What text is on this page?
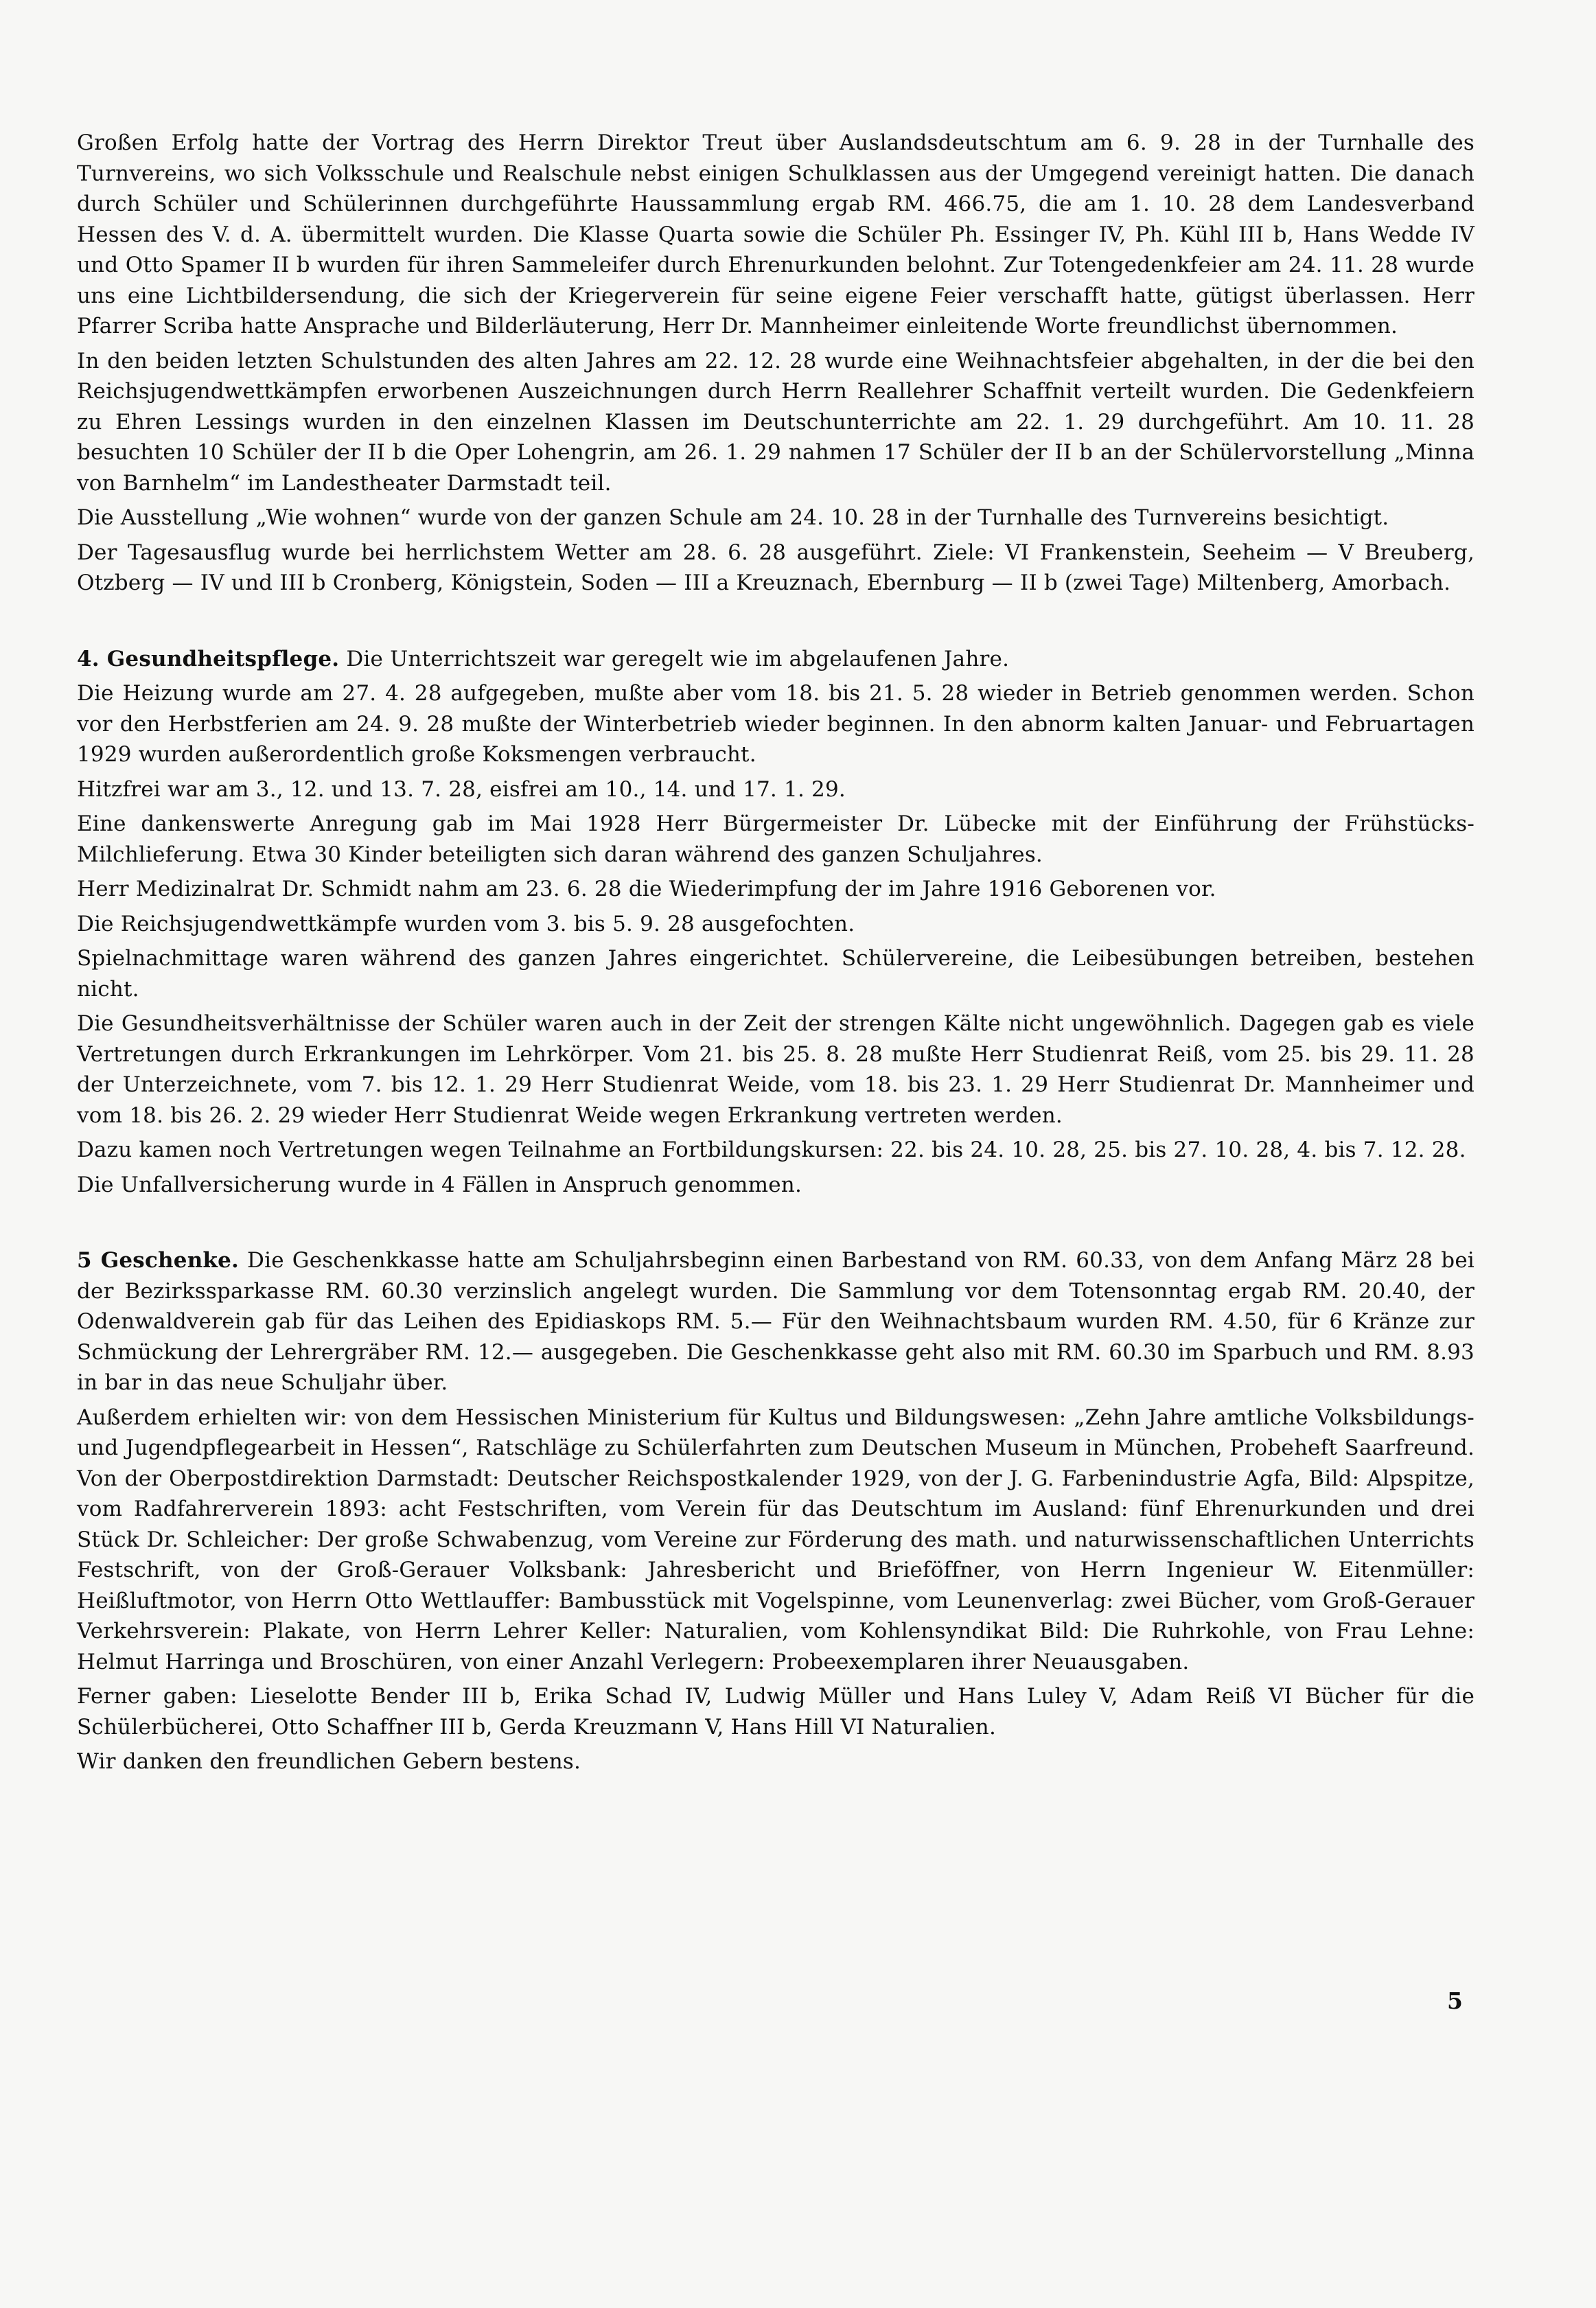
Großen Erfolg hatte der Vortrag des Herrn Direktor Treut über Auslandsdeutschtum am 6. 9. 28 in der Turnhalle des Turnvereins, wo sich Volksschule und Realschule nebst einigen Schulklassen aus der Umgegend vereinigt hatten. Die danach durch Schüler und Schülerinnen durchgeführte Haussammlung ergab RM. 466.75, die am 1. 10. 28 dem Landesverband Hessen des V. d. A. übermittelt wurden. Die Klasse Quarta sowie die Schüler Ph. Essinger IV, Ph. Kühl III b, Hans Wedde IV und Otto Spamer II b wurden für ihren Sammeleifer durch Ehrenurkunden belohnt. Zur Totengedenkfeier am 24. 11. 28 wurde uns eine Lichtbildersendung, die sich der Kriegerverein für seine eigene Feier verschafft hatte, gütigst überlassen. Herr Pfarrer Scriba hatte Ansprache und Bilderläuterung, Herr Dr. Mannheimer einleitende Worte freundlichst übernommen.

In den beiden letzten Schulstunden des alten Jahres am 22. 12. 28 wurde eine Weihnachtsfeier abgehalten, in der die bei den Reichsjugendwettkämpfen erworbenen Auszeichnungen durch Herrn Reallehrer Schaffnit verteilt wurden. Die Gedenkfeiern zu Ehren Lessings wurden in den einzelnen Klassen im Deutschunterrichte am 22. 1. 29 durchgeführt. Am 10. 11. 28 besuchten 10 Schüler der II b die Oper Lohengrin, am 26. 1. 29 nahmen 17 Schüler der II b an der Schülervorstellung „Minna von Barnhelm“ im Landestheater Darmstadt teil.

Die Ausstellung „Wie wohnen“ wurde von der ganzen Schule am 24. 10. 28 in der Turnhalle des Turnvereins besichtigt.

Der Tagesausflug wurde bei herrlichstem Wetter am 28. 6. 28 ausgeführt. Ziele: VI Frankenstein, Seeheim — V Breuberg, Otzberg — IV und III b Cronberg, Königstein, Soden — III a Kreuznach, Ebernburg — II b (zwei Tage) Miltenberg, Amorbach.

4. Gesundheitspflege. Die Unterrichtszeit war geregelt wie im abgelaufenen Jahre.

Die Heizung wurde am 27. 4. 28 aufgegeben, mußte aber vom 18. bis 21. 5. 28 wieder in Betrieb genommen werden. Schon vor den Herbstferien am 24. 9. 28 mußte der Winterbetrieb wieder beginnen. In den abnorm kalten Januar- und Februartagen 1929 wurden außerordentlich große Koksmengen verbraucht.

Hitzfrei war am 3., 12. und 13. 7. 28, eisfrei am 10., 14. und 17. 1. 29.

Eine dankenswerte Anregung gab im Mai 1928 Herr Bürgermeister Dr. Lübecke mit der Einführung der Frühstücks-Milchlieferung. Etwa 30 Kinder beteiligten sich daran während des ganzen Schuljahres.

Herr Medizinalrat Dr. Schmidt nahm am 23. 6. 28 die Wiederimpfung der im Jahre 1916 Geborenen vor.

Die Reichsjugendwettkämpfe wurden vom 3. bis 5. 9. 28 ausgefochten.

Spielnachmittage waren während des ganzen Jahres eingerichtet. Schülervereine, die Leibesübungen betreiben, bestehen nicht.

Die Gesundheitsverhältnisse der Schüler waren auch in der Zeit der strengen Kälte nicht ungewöhnlich. Dagegen gab es viele Vertretungen durch Erkrankungen im Lehrkörper. Vom 21. bis 25. 8. 28 mußte Herr Studienrat Reiß, vom 25. bis 29. 11. 28 der Unterzeichnete, vom 7. bis 12. 1. 29 Herr Studienrat Weide, vom 18. bis 23. 1. 29 Herr Studienrat Dr. Mannheimer und vom 18. bis 26. 2. 29 wieder Herr Studienrat Weide wegen Erkrankung vertreten werden.

Dazu kamen noch Vertretungen wegen Teilnahme an Fortbildungskursen: 22. bis 24. 10. 28, 25. bis 27. 10. 28, 4. bis 7. 12. 28.

Die Unfallversicherung wurde in 4 Fällen in Anspruch genommen.

5 Geschenke. Die Geschenkkasse hatte am Schuljahrsbeginn einen Barbestand von RM. 60.33, von dem Anfang März 28 bei der Bezirkssparkasse RM. 60.30 verzinslich angelegt wurden. Die Sammlung vor dem Totensonntag ergab RM. 20.40, der Odenwaldverein gab für das Leihen des Epidiaskops RM. 5.— Für den Weihnachtsbaum wurden RM. 4.50, für 6 Kränze zur Schmückung der Lehrergräber RM. 12.— ausgegeben. Die Geschenkkasse geht also mit RM. 60.30 im Sparbuch und RM. 8.93 in bar in das neue Schuljahr über.

Außerdem erhielten wir: von dem Hessischen Ministerium für Kultus und Bildungswesen: „Zehn Jahre amtliche Volksbildungs- und Jugendpflegearbeit in Hessen“, Ratschläge zu Schülerfahrten zum Deutschen Museum in München, Probeheft Saarfreund. Von der Oberpostdirektion Darmstadt: Deutscher Reichspostkalender 1929, von der J. G. Farbenindustrie Agfa, Bild: Alpspitze, vom Radfahrerverein 1893: acht Festschriften, vom Verein für das Deutschtum im Ausland: fünf Ehrenurkunden und drei Stück Dr. Schleicher: Der große Schwabenzug, vom Vereine zur Förderung des math. und naturwissenschaftlichen Unterrichts Festschrift, von der Groß-Gerauer Volksbank: Jahresbericht und Brieföffner, von Herrn Ingenieur W. Eitenmüller: Heißluftmotor, von Herrn Otto Wettlauffer: Bambusstück mit Vogelspinne, vom Leunenverlag: zwei Bücher, vom Groß-Gerauer Verkehrsverein: Plakate, von Herrn Lehrer Keller: Naturalien, vom Kohlensyndikat Bild: Die Ruhrkohle, von Frau Lehne: Helmut Harringa und Broschüren, von einer Anzahl Verlegern: Probeexemplaren ihrer Neuausgaben.

Ferner gaben: Lieselotte Bender III b, Erika Schad IV, Ludwig Müller und Hans Luley V, Adam Reiß VI Bücher für die Schülerbücherei, Otto Schaffner III b, Gerda Kreuzmann V, Hans Hill VI Naturalien.

Wir danken den freundlichen Gebern bestens.

5
